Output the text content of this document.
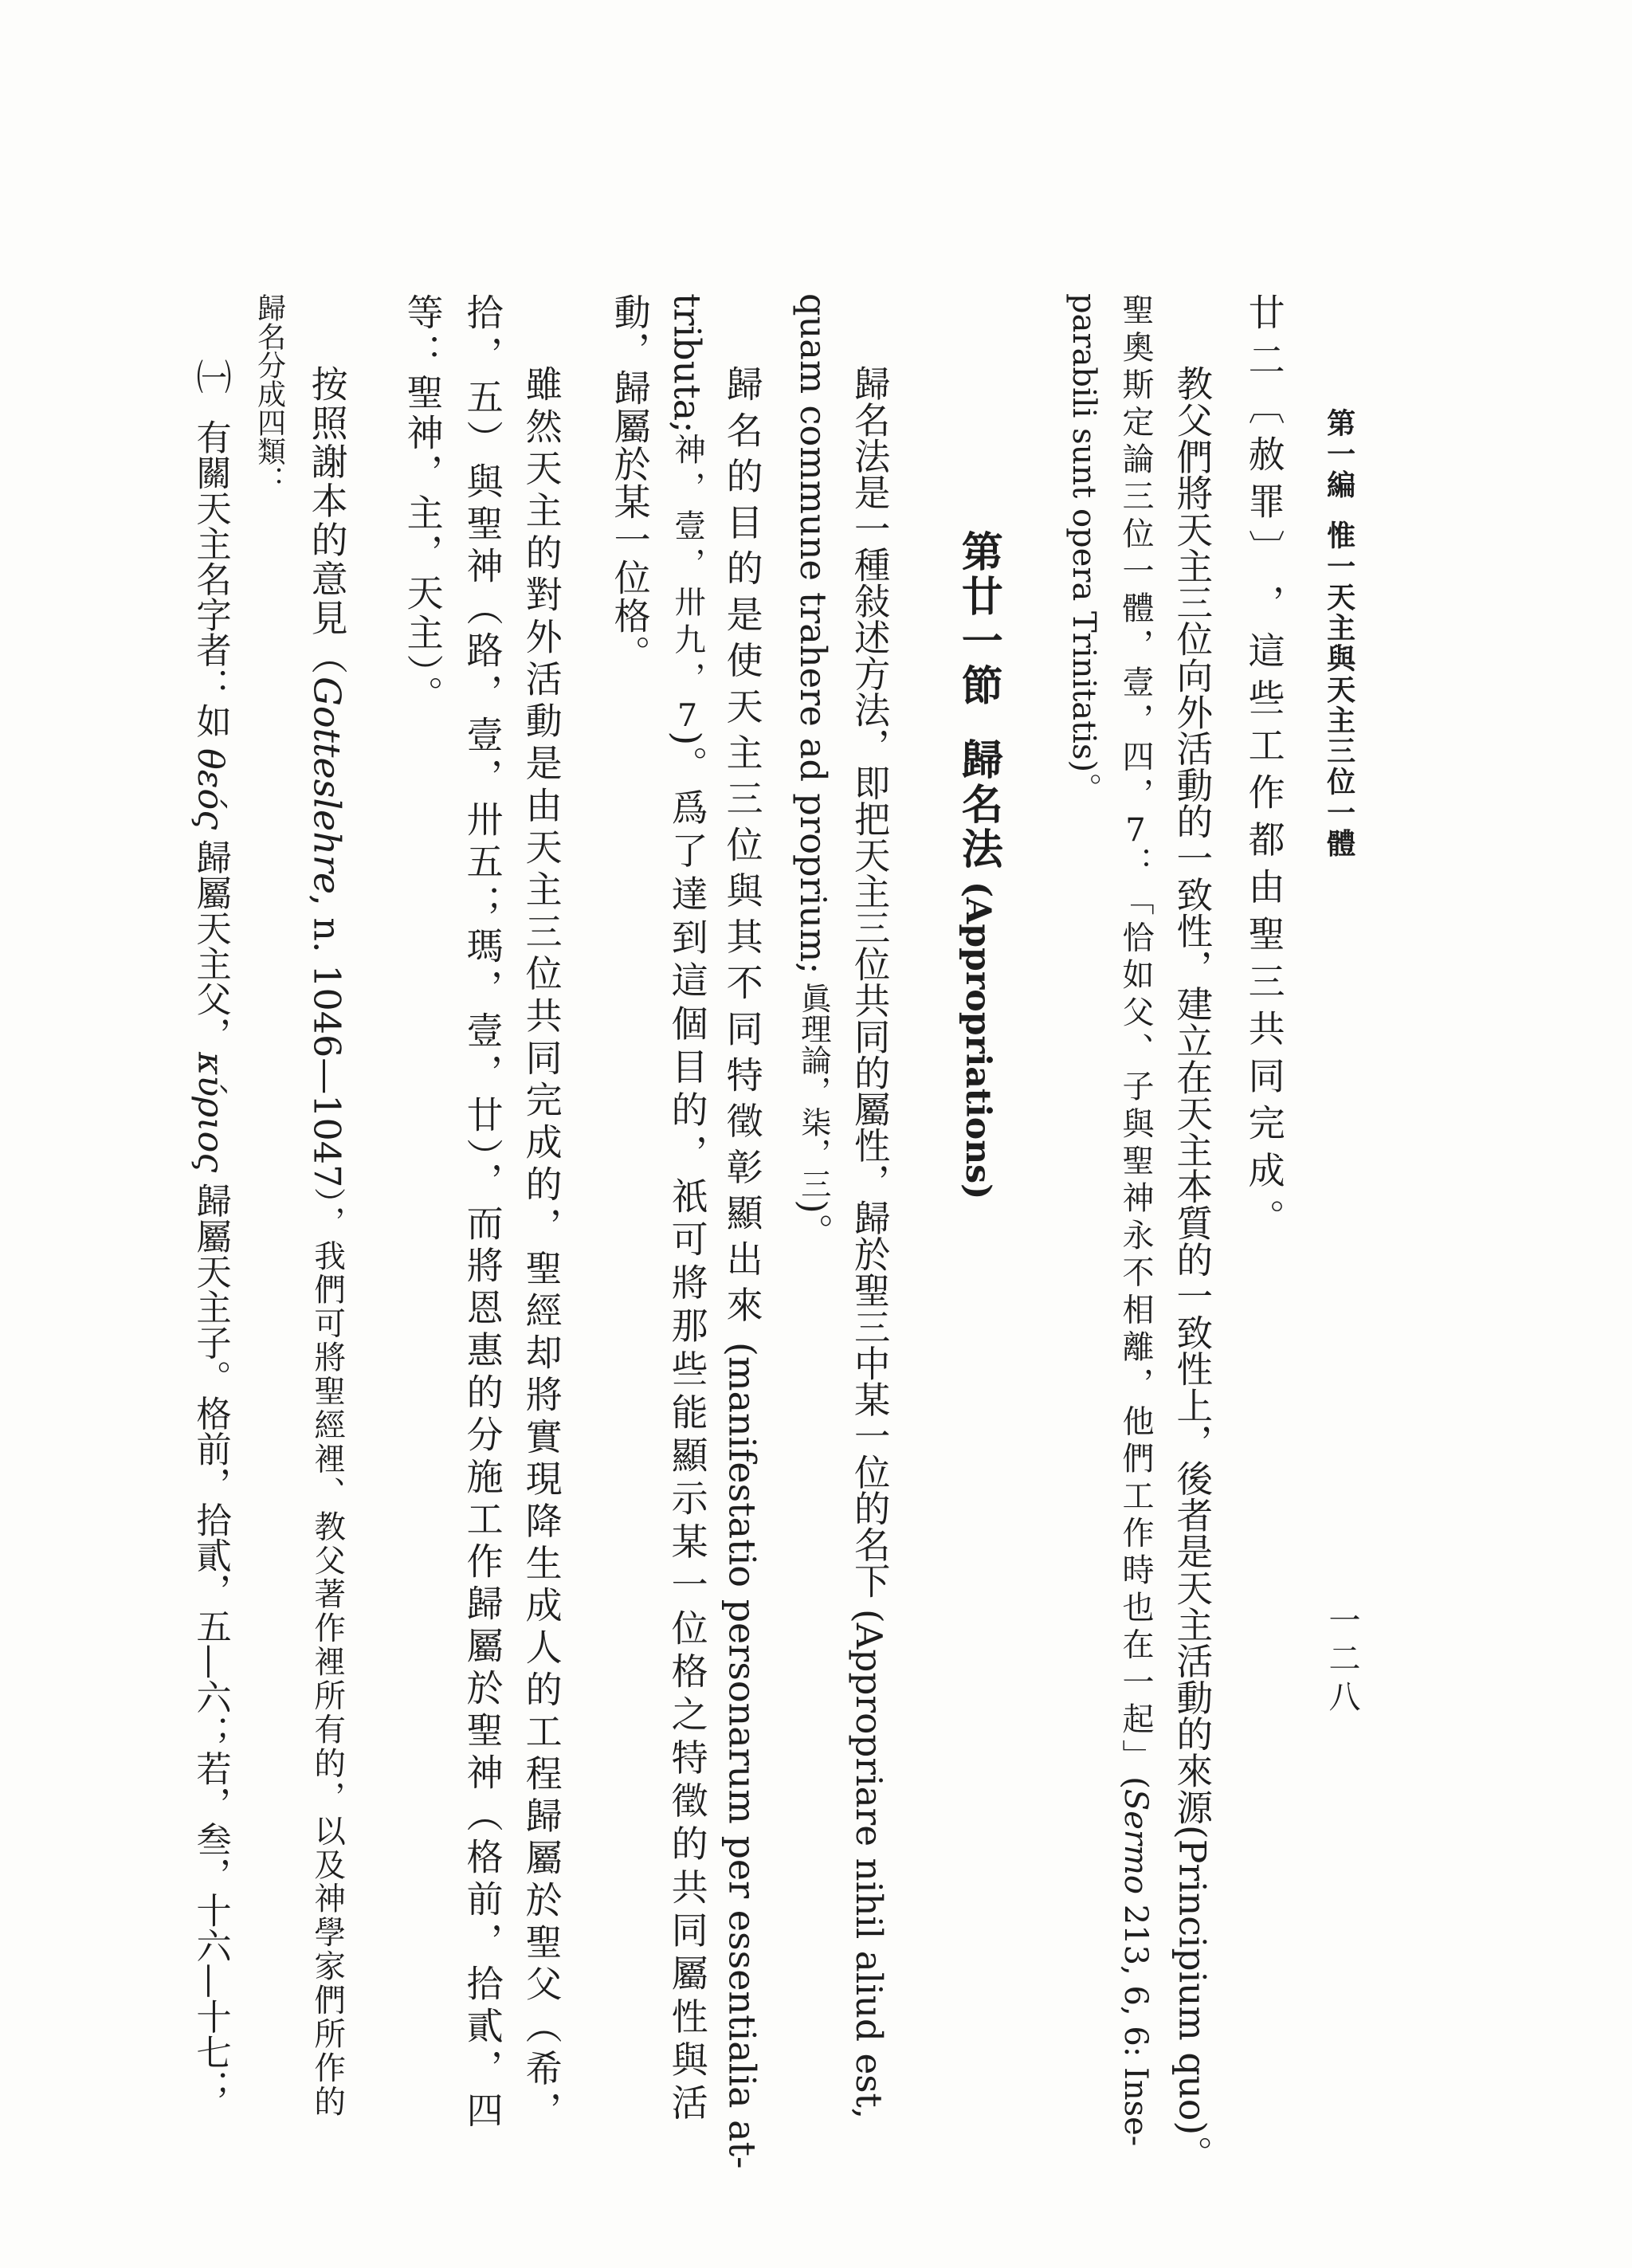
第一編惟一天主與天主三位一體
一二八
廿二〔赦罪〕，這些工作都由聖三共同完成。
教父們將天主三位向外活動的一致性，建立在天主本質的一致性上，後者是天主活動的來源(Principium quo)。
聖奧斯定論三位一體，壹，四，7：「恰如父、子與聖神永不相離，他們工作時也在一起」(Sermo 213, 6, 6: Inse-
parabili sunt opera Trinitatis)。
第廿一節歸名法(Appropriations)
歸名法是一種敍述方法，即把天主三位共同的屬性，歸於聖三中某一位的名下(Appropriare nihil aliud est,
quam commune trahere ad proprium;眞理論，柒，三)。
歸名的目的是使天主三位與其不同特徵彰顯出來(manifestatio personarum per essentialia at-
tributa;神，壹，卅九，7)。爲了達到這個目的，祇可將那些能顯示某一位格之特徵的共同屬性與活
動，歸屬於某一位格。
雖然天主的對外活動是由天主三位共同完成的，聖經却將實現降生成人的工程歸屬於聖父（希，
拾，五）與聖神（路，壹，卅五；瑪，壹，廿），而將恩惠的分施工作歸屬於聖神（格前，拾貳，四
等：聖神，主，天主）。
按照謝本的意見（Gotteslehre, n. 1046—1047），我們可將聖經裡、教父著作裡所有的，以及神學家們所作的
歸名分成四類：
㈠有關天主名字者：如θεός歸屬天主父，κύριος歸屬天主子。格前，拾貳，五—六；若，叁，十六—十七；
